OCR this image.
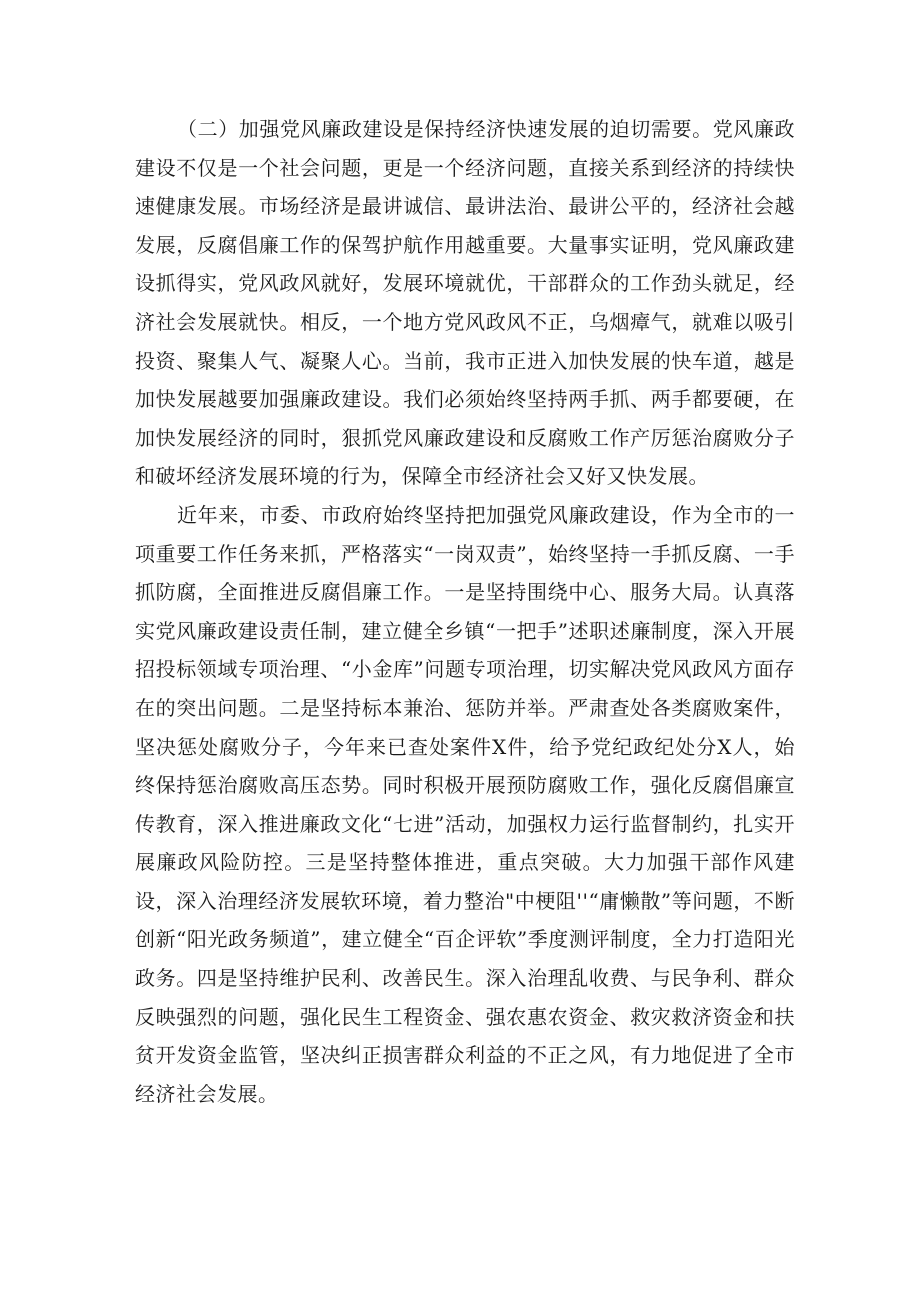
（二）加强党风廉政建设是保持经济快速发展的迫切需要。党风廉政建设不仅是一个社会问题，更是一个经济问题，直接关系到经济的持续快速健康发展。市场经济是最讲诚信、最讲法治、最讲公平的，经济社会越发展，反腐倡廉工作的保驾护航作用越重要。大量事实证明，党风廉政建设抓得实，党风政风就好，发展环境就优，干部群众的工作劲头就足，经济社会发展就快。相反，一个地方党风政风不正，乌烟瘴气，就难以吸引投资、聚集人气、凝聚人心。当前，我市正进入加快发展的快车道，越是加快发展越要加强廉政建设。我们必须始终坚持两手抓、两手都要硬，在加快发展经济的同时，狠抓党风廉政建设和反腐败工作产厉惩治腐败分子和破坏经济发展环境的行为，保障全市经济社会又好又快发展。

近年来，市委、市政府始终坚持把加强党风廉政建设，作为全市的一项重要工作任务来抓，严格落实“一岗双责”，始终坚持一手抓反腐、一手抓防腐，全面推进反腐倡廉工作。一是坚持围绕中心、服务大局。认真落实党风廉政建设责任制，建立健全乡镇“一把手”述职述廉制度，深入开展招投标领域专项治理、“小金库”问题专项治理，切实解决党风政风方面存在的突出问题。二是坚持标本兼治、惩防并举。严肃查处各类腐败案件，坚决惩处腐败分子，今年来已查处案件X件，给予党纪政纪处分X人，始终保持惩治腐败高压态势。同时积极开展预防腐败工作，强化反腐倡廉宣传教育，深入推进廉政文化“七进”活动，加强权力运行监督制约，扎实开展廉政风险防控。三是坚持整体推进，重点突破。大力加强干部作风建设，深入治理经济发展软环境，着力整治"中梗阻''“庸懒散”等问题，不断创新“阳光政务频道”，建立健全“百企评软”季度测评制度，全力打造阳光政务。四是坚持维护民利、改善民生。深入治理乱收费、与民争利、群众反映强烈的问题，强化民生工程资金、强农惠农资金、救灾救济资金和扶贫开发资金监管，坚决纠正损害群众利益的不正之风，有力地促进了全市经济社会发展。
